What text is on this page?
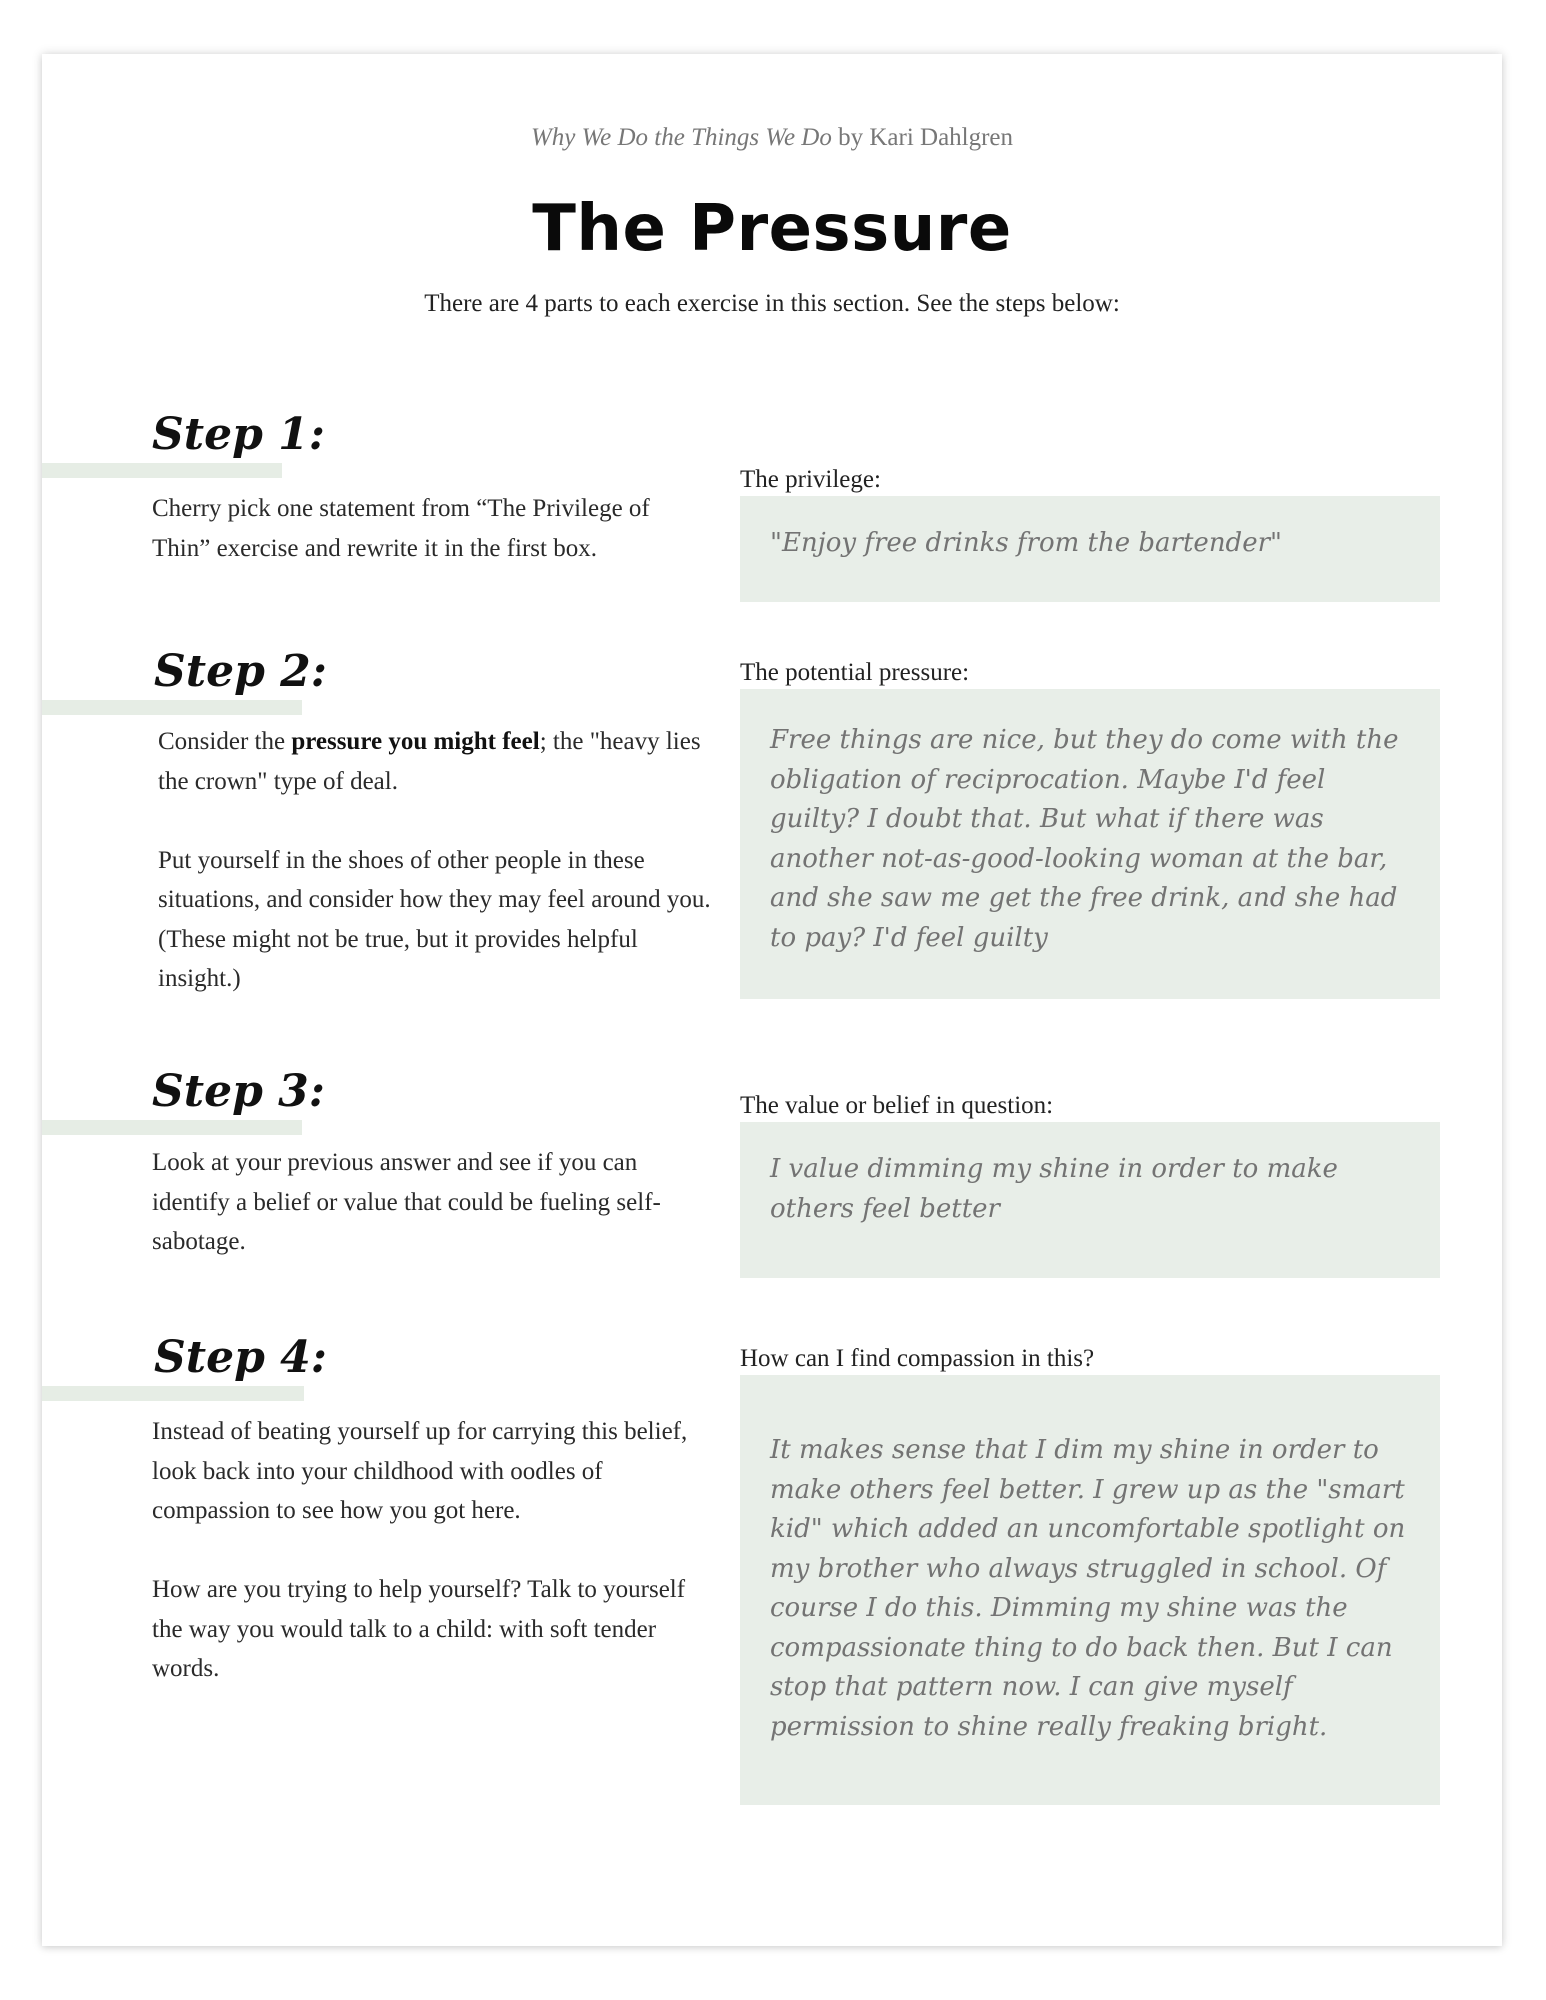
Why We Do the Things We Do by Kari Dahlgren
The Pressure
There are 4 parts to each exercise in this section. See the steps below:
Step 1:

Cherry pick one statement from “The Privilege of Thin” exercise and rewrite it in the first box.

The privilege:
"Enjoy free drinks from the bartender"
Step 2:

Consider the pressure you might feel; the "heavy lies the crown" type of deal.

Put yourself in the shoes of other people in these situations, and consider how they may feel around you. (These might not be true, but it provides helpful insight.)

The potential pressure:
Free things are nice, but they do come with the obligation of reciprocation. Maybe I'd feel guilty? I doubt that. But what if there was another not-as-good-looking woman at the bar, and she saw me get the free drink, and she had to pay? I'd feel guilty
Step 3:

Look at your previous answer and see if you can identify a belief or value that could be fueling self-sabotage.

The value or belief in question:
I value dimming my shine in order to make others feel better
Step 4:

Instead of beating yourself up for carrying this belief, look back into your childhood with oodles of compassion to see how you got here.

How are you trying to help yourself? Talk to yourself the way you would talk to a child: with soft tender words.

How can I find compassion in this?
It makes sense that I dim my shine in order to make others feel better. I grew up as the "smart kid" which added an uncomfortable spotlight on my brother who always struggled in school. Of course I do this. Dimming my shine was the compassionate thing to do back then. But I can stop that pattern now. I can give myself permission to shine really freaking bright.
